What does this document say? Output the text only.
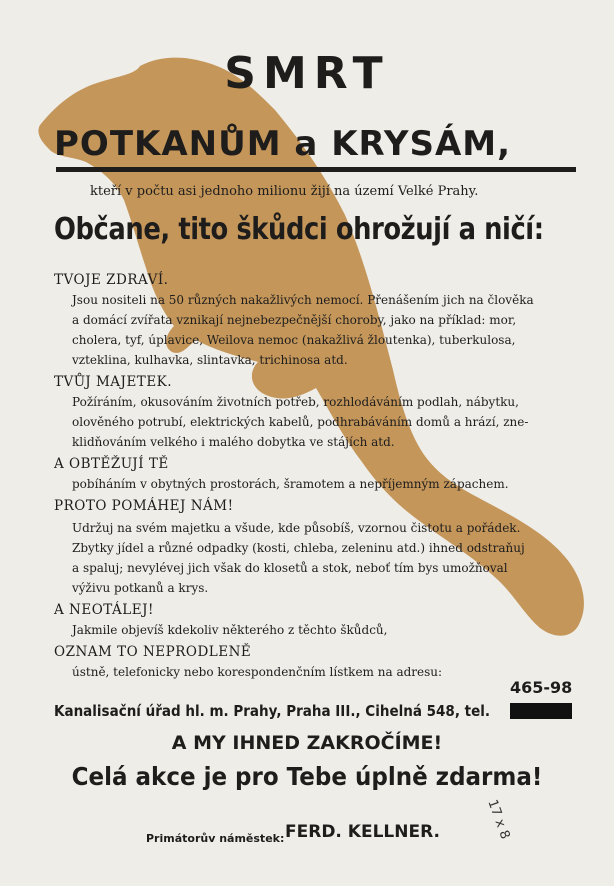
SMRT
POTKANŮM a KRYSÁM,
kteří v počtu asi jednoho milionu žijí na území Velké Prahy.
Občane, tito škůdci ohrožují a ničí:
TVOJE ZDRAVÍ.
Jsou nositeli na 50 různých nakažlivých nemocí. Přenášením jich na člověka
a domácí zvířata vznikají nejnebezpečnější choroby, jako na příklad: mor,
cholera, tyf, úplavice, Weilova nemoc (nakažlivá žloutenka), tuberkulosa,
vzteklina, kulhavka, slintavka, trichinosa atd.
TVŮJ MAJETEK.
Požíráním, okusováním životních potřeb, rozhlodáváním podlah, nábytku,
olověného potrubí, elektrických kabelů, podhrabáváním domů a hrází, zne-
klidňováním velkého i malého dobytka ve stájích atd.
A OBTĚŽUJÍ TĚ
pobíháním v obytných prostorách, šramotem a nepříjemným zápachem.
PROTO POMÁHEJ NÁM!
Udržuj na svém majetku a všude, kde působíš, vzornou čistotu a pořádek.
Zbytky jídel a různé odpadky (kosti, chleba, zeleninu atd.) ihned odstraňuj
a spaluj; nevylévej jich však do klosetů a stok, neboť tím bys umožňoval
výživu potkanů a krys.
A NEOTÁLEJ!
Jakmile objevíš kdekoliv některého z těchto škůdců,
OZNAM TO NEPRODLENĚ
ústně, telefonicky nebo korespondenčním lístkem na adresu:
465-98
Kanalisační úřad hl. m. Prahy, Praha III., Cihelná 548, tel.
A MY IHNED ZAKROČÍME!
Celá akce je pro Tebe úplně zdarma!
Primátorův náměstek: FERD. KELLNER.	17 x 8
